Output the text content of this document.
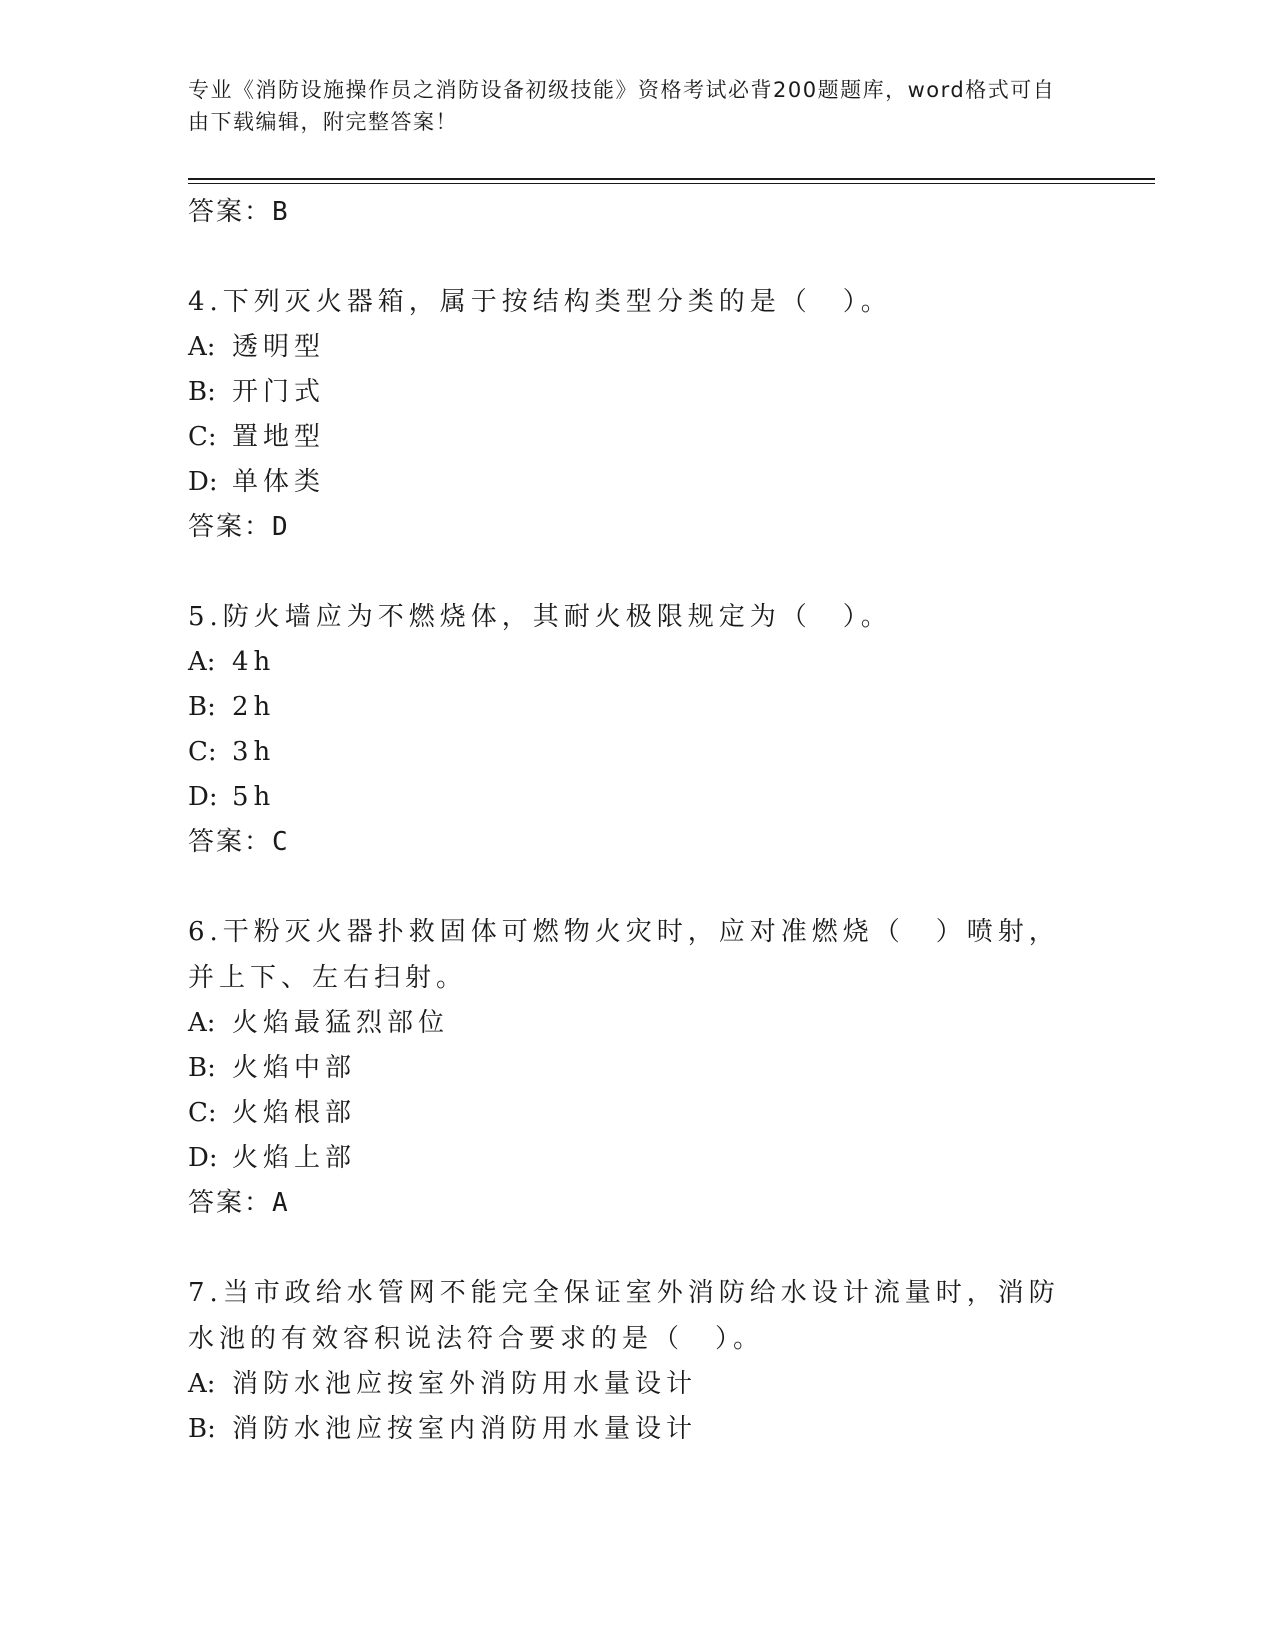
专业《消防设施操作员之消防设备初级技能》资格考试必背200题题库，word格式可自由下载编辑，附完整答案！
答案：B
4.下列灭火器箱，属于按结构类型分类的是（　）。
A: 透明型
B: 开门式
C: 置地型
D: 单体类
答案：D
5.防火墙应为不燃烧体，其耐火极限规定为（　）。
A: 4h
B: 2h
C: 3h
D: 5h
答案：C
6.干粉灭火器扑救固体可燃物火灾时，应对准燃烧（　）喷射，并上下、左右扫射。
A: 火焰最猛烈部位
B: 火焰中部
C: 火焰根部
D: 火焰上部
答案：A
7.当市政给水管网不能完全保证室外消防给水设计流量时，消防水池的有效容积说法符合要求的是（　）。
A: 消防水池应按室外消防用水量设计
B: 消防水池应按室内消防用水量设计
